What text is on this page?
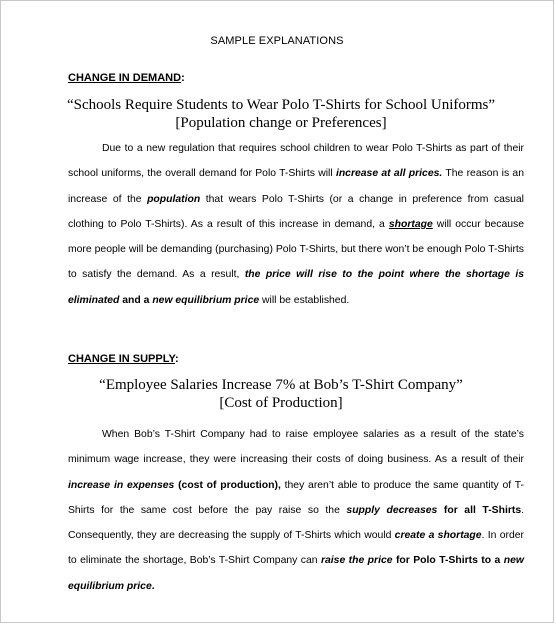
SAMPLE EXPLANATIONS
CHANGE IN DEMAND:
“Schools Require Students to Wear Polo T-Shirts for School Uniforms”
[Population change or Preferences]
Due to a new regulation that requires school children to wear Polo T-Shirts as part of their school uniforms, the overall demand for Polo T-Shirts will increase at all prices. The reason is an increase of the population that wears Polo T-Shirts (or a change in preference from casual clothing to Polo T-Shirts). As a result of this increase in demand, a shortage will occur because more people will be demanding (purchasing) Polo T-Shirts, but there won’t be enough Polo T-Shirts to satisfy the demand. As a result, the price will rise to the point where the shortage is eliminated and a new equilibrium price will be established.
CHANGE IN SUPPLY:
“Employee Salaries Increase 7% at Bob’s T-Shirt Company”
[Cost of Production]
When Bob’s T-Shirt Company had to raise employee salaries as a result of the state’s minimum wage increase, they were increasing their costs of doing business. As a result of their increase in expenses (cost of production), they aren’t able to produce the same quantity of T-Shirts for the same cost before the pay raise so the supply decreases for all T-Shirts. Consequently, they are decreasing the supply of T-Shirts which would create a shortage. In order to eliminate the shortage, Bob’s T-Shirt Company can raise the price for Polo T-Shirts to a new equilibrium price.
